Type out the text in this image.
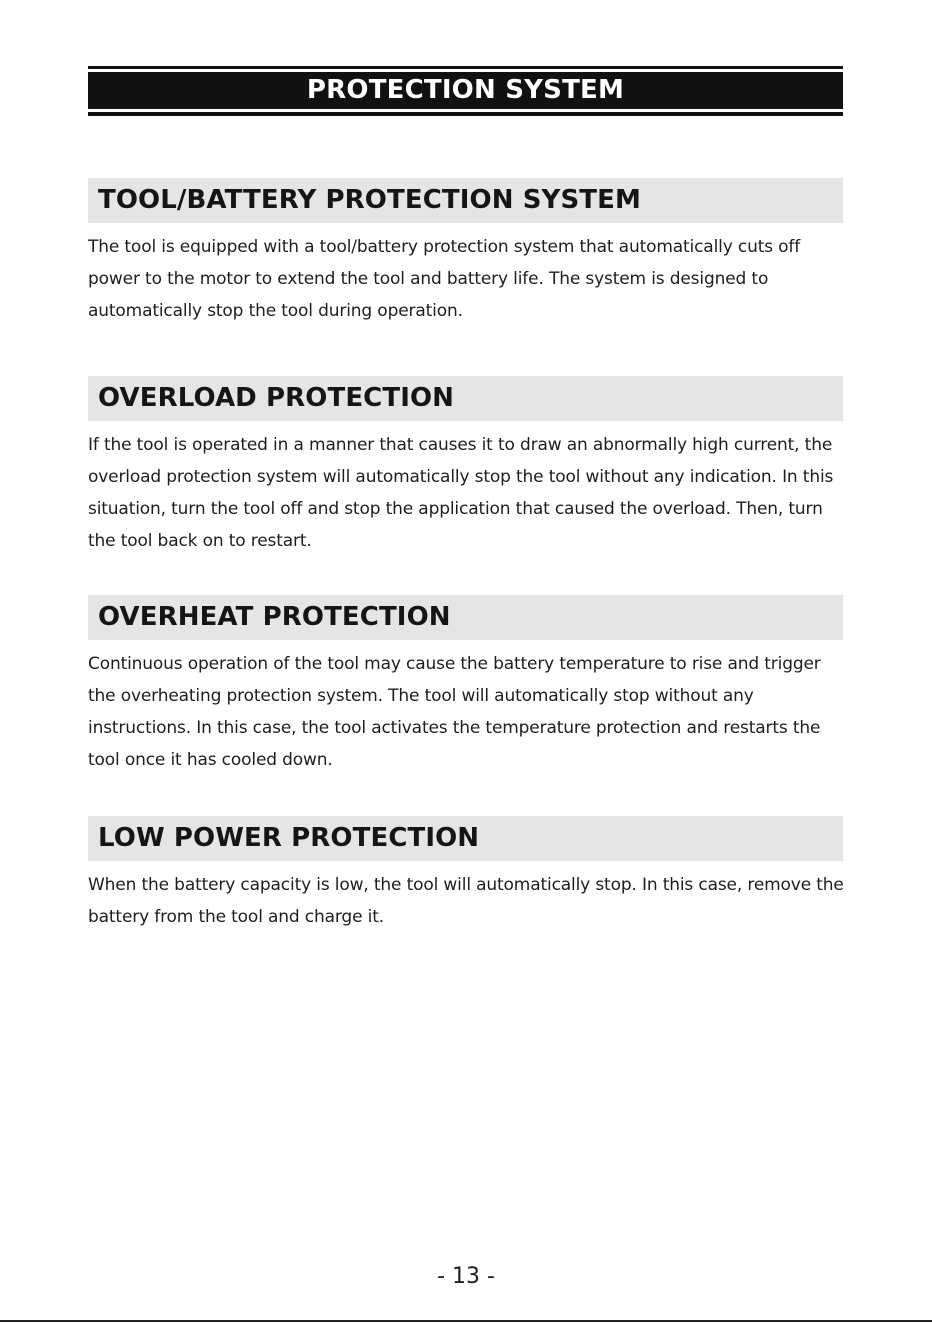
PROTECTION SYSTEM
TOOL/BATTERY PROTECTION SYSTEM
The tool is equipped with a tool/battery protection system that automatically cuts off
power to the motor to extend the tool and battery life. The system is designed to
automatically stop the tool during operation.
OVERLOAD PROTECTION
If the tool is operated in a manner that causes it to draw an abnormally high current, the
overload protection system will automatically stop the tool without any indication. In this
situation, turn the tool off and stop the application that caused the overload. Then, turn
the tool back on to restart.
OVERHEAT PROTECTION
Continuous operation of the tool may cause the battery temperature to rise and trigger
the overheating protection system. The tool will automatically stop without any
instructions. In this case, the tool activates the temperature protection and restarts the
tool once it has cooled down.
LOW POWER PROTECTION
When the battery capacity is low, the tool will automatically stop. In this case, remove the
battery from the tool and charge it.
- 13 -
